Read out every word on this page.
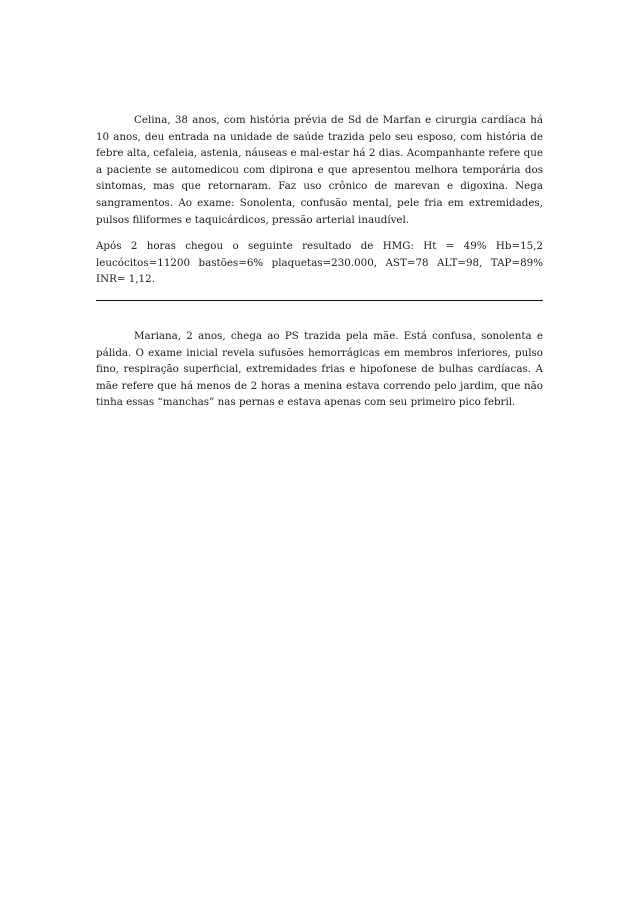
Celina, 38 anos, com história prévia de Sd de Marfan e cirurgia cardíaca há 10 anos, deu entrada na unidade de saúde trazida pelo seu esposo, com história de febre alta, cefaleia, astenia, náuseas e mal-estar há 2 dias. Acompanhante refere que a paciente se automedicou com dipirona e que apresentou melhora temporária dos sintomas, mas que retornaram. Faz uso crônico de marevan e digoxina. Nega sangramentos. Ao exame: Sonolenta, confusão mental, pele fria em extremidades, pulsos filiformes e taquicárdicos, pressão arterial inaudível.

Após 2 horas chegou o seguinte resultado de HMG: Ht = 49% Hb=15,2 leucócitos=11200 bastões=6% plaquetas=230.000, AST=78 ALT=98, TAP=89% INR= 1,12.

Mariana, 2 anos, chega ao PS trazida pela mãe. Está confusa, sonolenta e pálida. O exame inicial revela sufusões hemorrágicas em membros inferiores, pulso fino, respiração superficial, extremidades frias e hipofonese de bulhas cardíacas. A mãe refere que há menos de 2 horas a menina estava correndo pelo jardim, que não tinha essas “manchas” nas pernas e estava apenas com seu primeiro pico febril.
